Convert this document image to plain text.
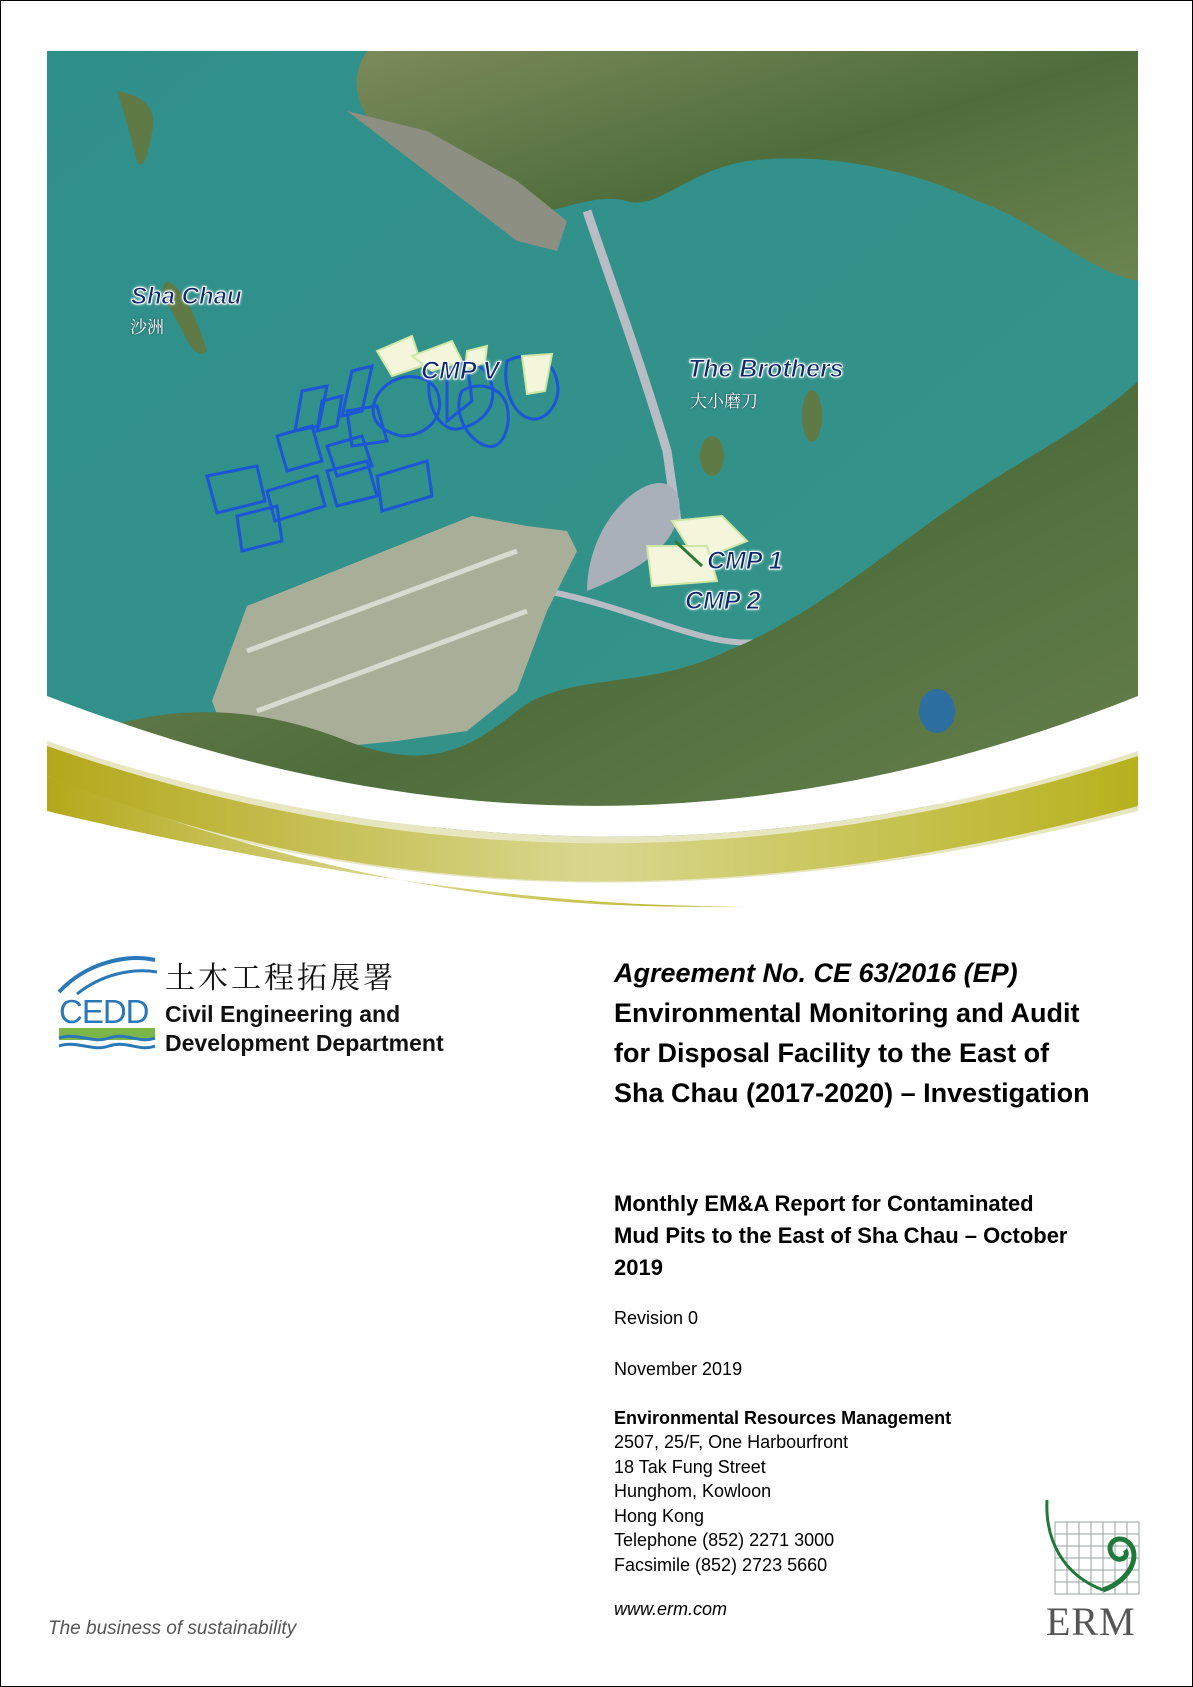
Sha Chau
沙洲
The Brothers
大小磨刀
CMP V
CMP 1
CMP 2
CEDD
土木工程拓展署
Civil Engineering and
Development Department
Agreement No. CE 63/2016 (EP)
Environmental Monitoring and Audit
for Disposal Facility to the East of
Sha Chau (2017-2020) – Investigation
Monthly EM&A Report for Contaminated
Mud Pits to the East of Sha Chau – October
2019
Revision 0
November 2019
Environmental Resources Management
2507, 25/F, One Harbourfront
18 Tak Fung Street
Hunghom, Kowloon
Hong Kong
Telephone (852) 2271 3000
Facsimile (852) 2723 5660
www.erm.com
The business of sustainability	ERM
